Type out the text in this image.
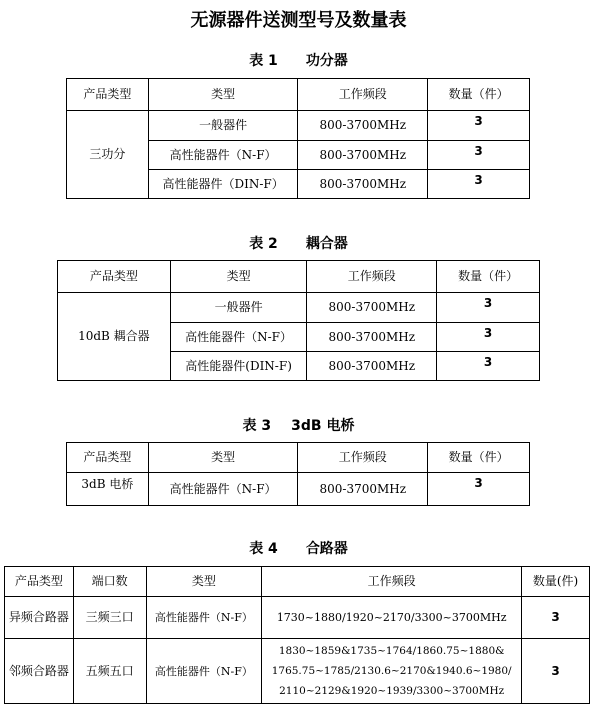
无源器件送测型号及数量表
表 1 功分器
产品类型	类型	工作频段	数量（件）
三功分	一般器件	800-3700MHz	3
	高性能器件（N-F）	800-3700MHz	3
	高性能器件（DIN-F）	800-3700MHz	3
表 2 耦合器
产品类型	类型	工作频段	数量（件）
10dB 耦合器	一般器件	800-3700MHz	3
	高性能器件（N-F）	800-3700MHz	3
	高性能器件(DIN-F)	800-3700MHz	3
表 3 3dB 电桥
产品类型	类型	工作频段	数量（件）
3dB 电桥	高性能器件（N-F）	800-3700MHz	3
表 4 合路器
产品类型	端口数	类型	工作频段	数量(件)
异频合路器	三频三口	高性能器件（N-F）	1730~1880/1920~2170/3300~3700MHz	3
邻频合路器	五频五口	高性能器件（N-F）	1830~1859&1735~1764/1860.75~1880&
1765.75~1785/2130.6~2170&1940.6~1980/
2110~2129&1920~1939/3300~3700MHz	3
